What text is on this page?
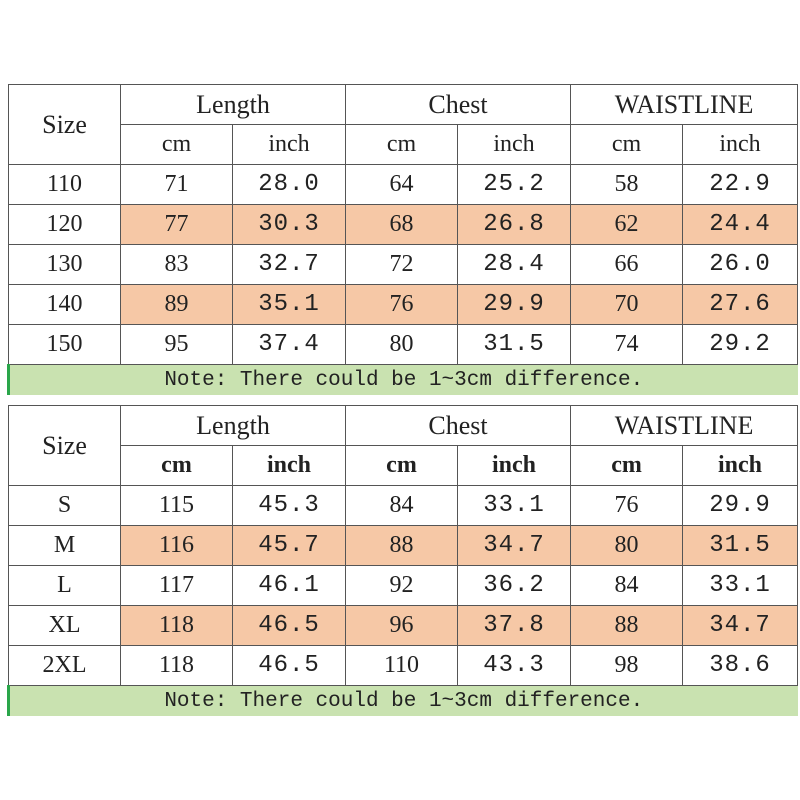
Size	Length		Chest		WAISTLINE	
	cm	inch	cm	inch	cm	inch
110	71	28.0	64	25.2	58	22.9
120	77	30.3	68	26.8	62	24.4
130	83	32.7	72	28.4	66	26.0
140	89	35.1	76	29.9	70	27.6
150	95	37.4	80	31.5	74	29.2
Note: There could be 1~3cm difference.						
Size	Length		Chest		WAISTLINE	
	cm	inch	cm	inch	cm	inch
S	115	45.3	84	33.1	76	29.9
M	116	45.7	88	34.7	80	31.5
L	117	46.1	92	36.2	84	33.1
XL	118	46.5	96	37.8	88	34.7
2XL	118	46.5	110	43.3	98	38.6
Note: There could be 1~3cm difference.						
